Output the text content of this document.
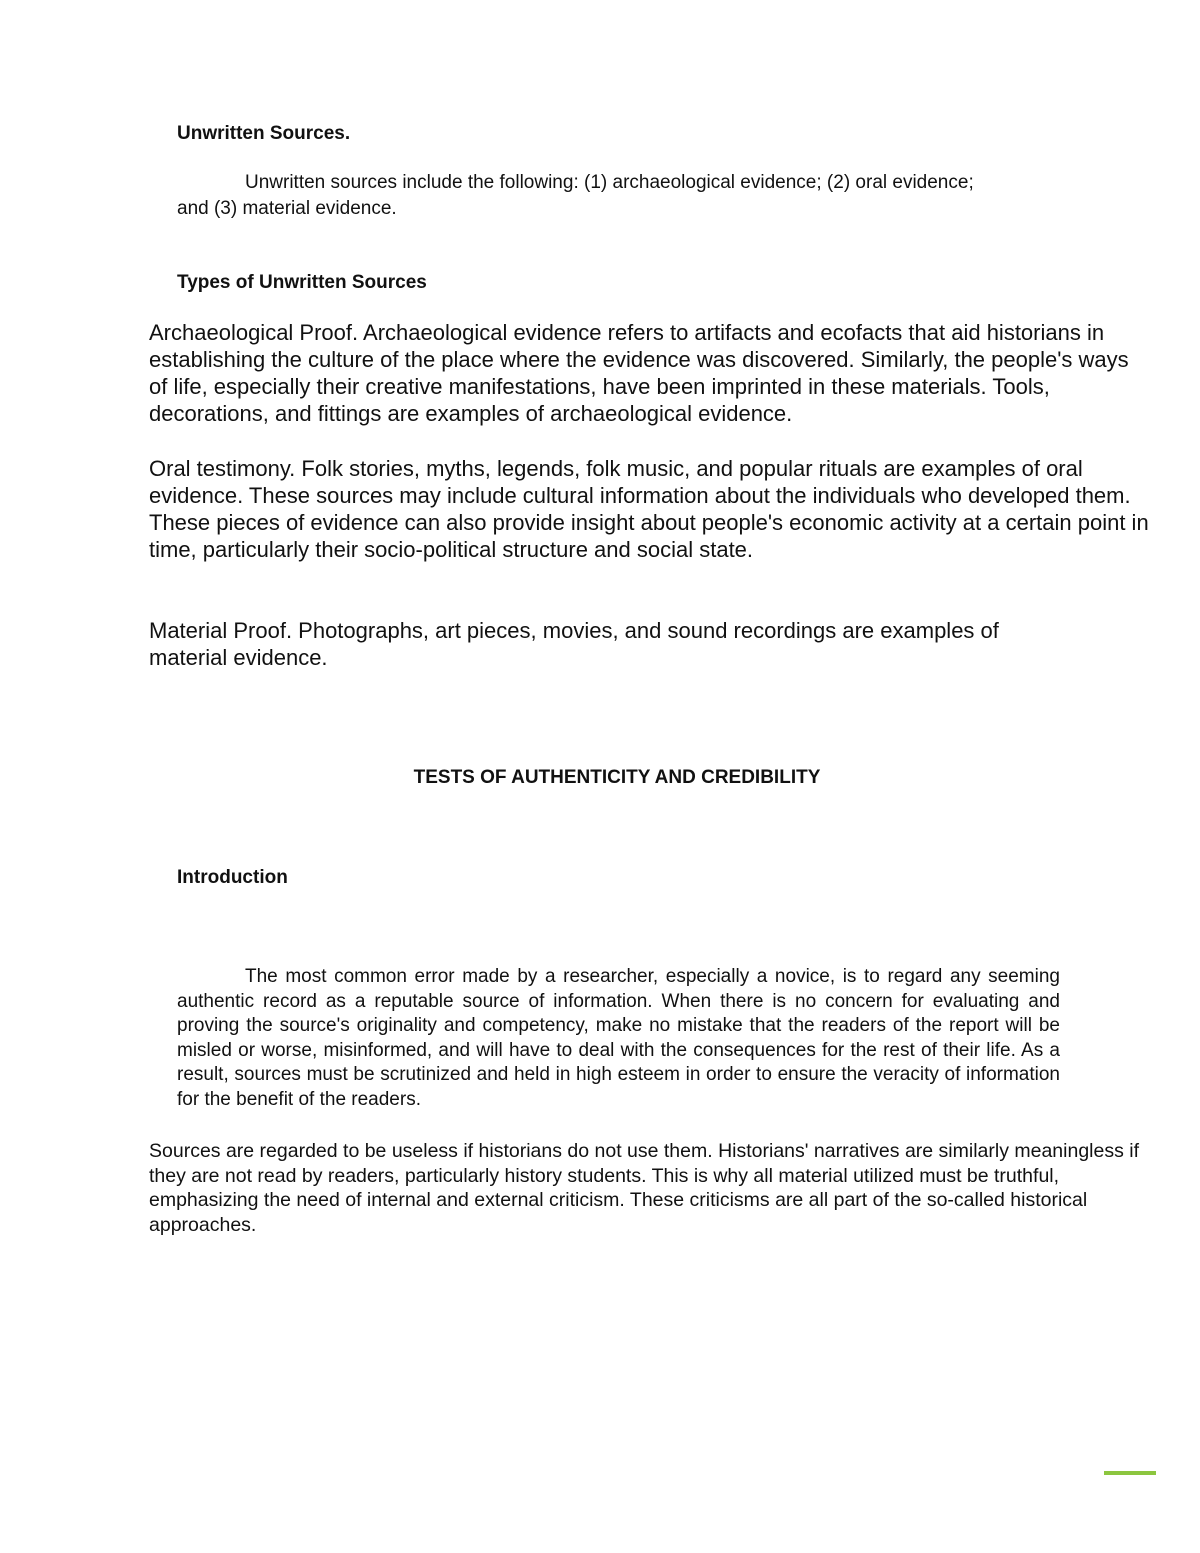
Unwritten Sources.

Unwritten sources include the following: (1) archaeological evidence; (2) oral evidence; and (3) material evidence.

Types of Unwritten Sources

Archaeological Proof. Archaeological evidence refers to artifacts and ecofacts that aid historians in establishing the culture of the place where the evidence was discovered. Similarly, the people's ways of life, especially their creative manifestations, have been imprinted in these materials. Tools, decorations, and fittings are examples of archaeological evidence.

Oral testimony. Folk stories, myths, legends, folk music, and popular rituals are examples of oral evidence. These sources may include cultural information about the individuals who developed them. These pieces of evidence can also provide insight about people's economic activity at a certain point in time, particularly their socio-political structure and social state.

Material Proof. Photographs, art pieces, movies, and sound recordings are examples of material evidence.

TESTS OF AUTHENTICITY AND CREDIBILITY
Introduction

The most common error made by a researcher, especially a novice, is to regard any seeming authentic record as a reputable source of information. When there is no concern for evaluating and proving the source's originality and competency, make no mistake that the readers of the report will be misled or worse, misinformed, and will have to deal with the consequences for the rest of their life. As a result, sources must be scrutinized and held in high esteem in order to ensure the veracity of information for the benefit of the readers.

Sources are regarded to be useless if historians do not use them. Historians' narratives are similarly meaningless if they are not read by readers, particularly history students. This is why all material utilized must be truthful, emphasizing the need of internal and external criticism. These criticisms are all part of the so-called historical approaches.
